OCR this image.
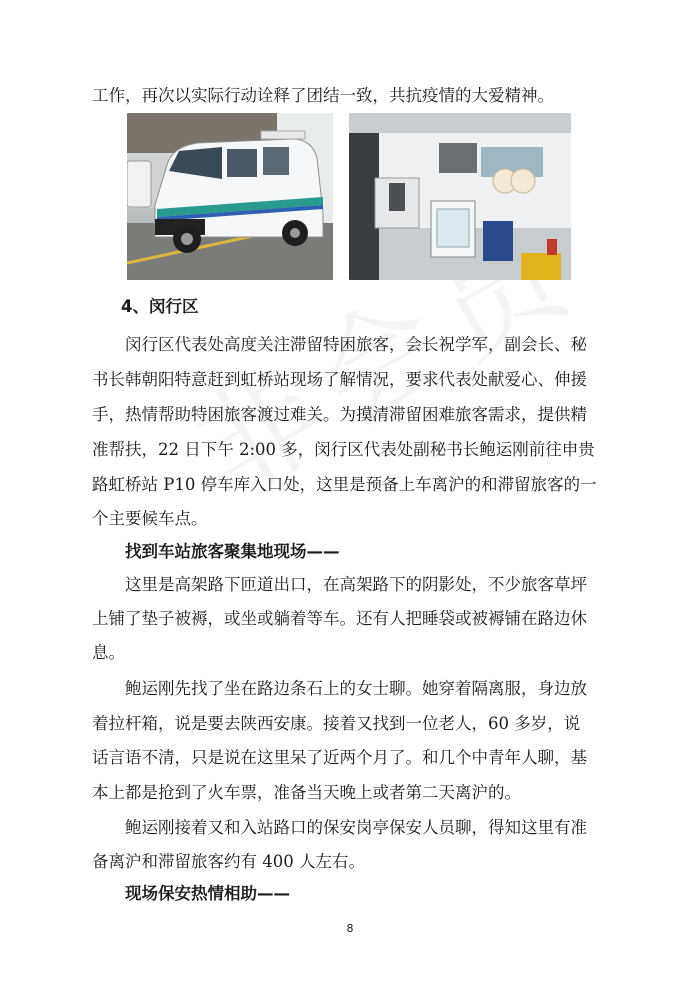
工作，再次以实际行动诠释了团结一致，共抗疫情的大爱精神。
4、闵行区
闵行区代表处高度关注滞留特困旅客，会长祝学军，副会长、秘
书长韩朝阳特意赶到虹桥站现场了解情况，要求代表处献爱心、伸援
手，热情帮助特困旅客渡过难关。为摸清滞留困难旅客需求，提供精
准帮扶，22 日下午 2:00 多，闵行区代表处副秘书长鲍运刚前往申贵
路虹桥站 P10 停车库入口处，这里是预备上车离沪的和滞留旅客的一
个主要候车点。
找到车站旅客聚集地现场——
这里是高架路下匝道出口，在高架路下的阴影处，不少旅客草坪
上铺了垫子被褥，或坐或躺着等车。还有人把睡袋或被褥铺在路边休
息。
鲍运刚先找了坐在路边条石上的女士聊。她穿着隔离服，身边放
着拉杆箱，说是要去陕西安康。接着又找到一位老人，60 多岁，说
话言语不清，只是说在这里呆了近两个月了。和几个中青年人聊，基
本上都是抢到了火车票，准备当天晚上或者第二天离沪的。
鲍运刚接着又和入站路口的保安岗亭保安人员聊，得知这里有准
备离沪和滞留旅客约有 400 人左右。
现场保安热情相助——
8
